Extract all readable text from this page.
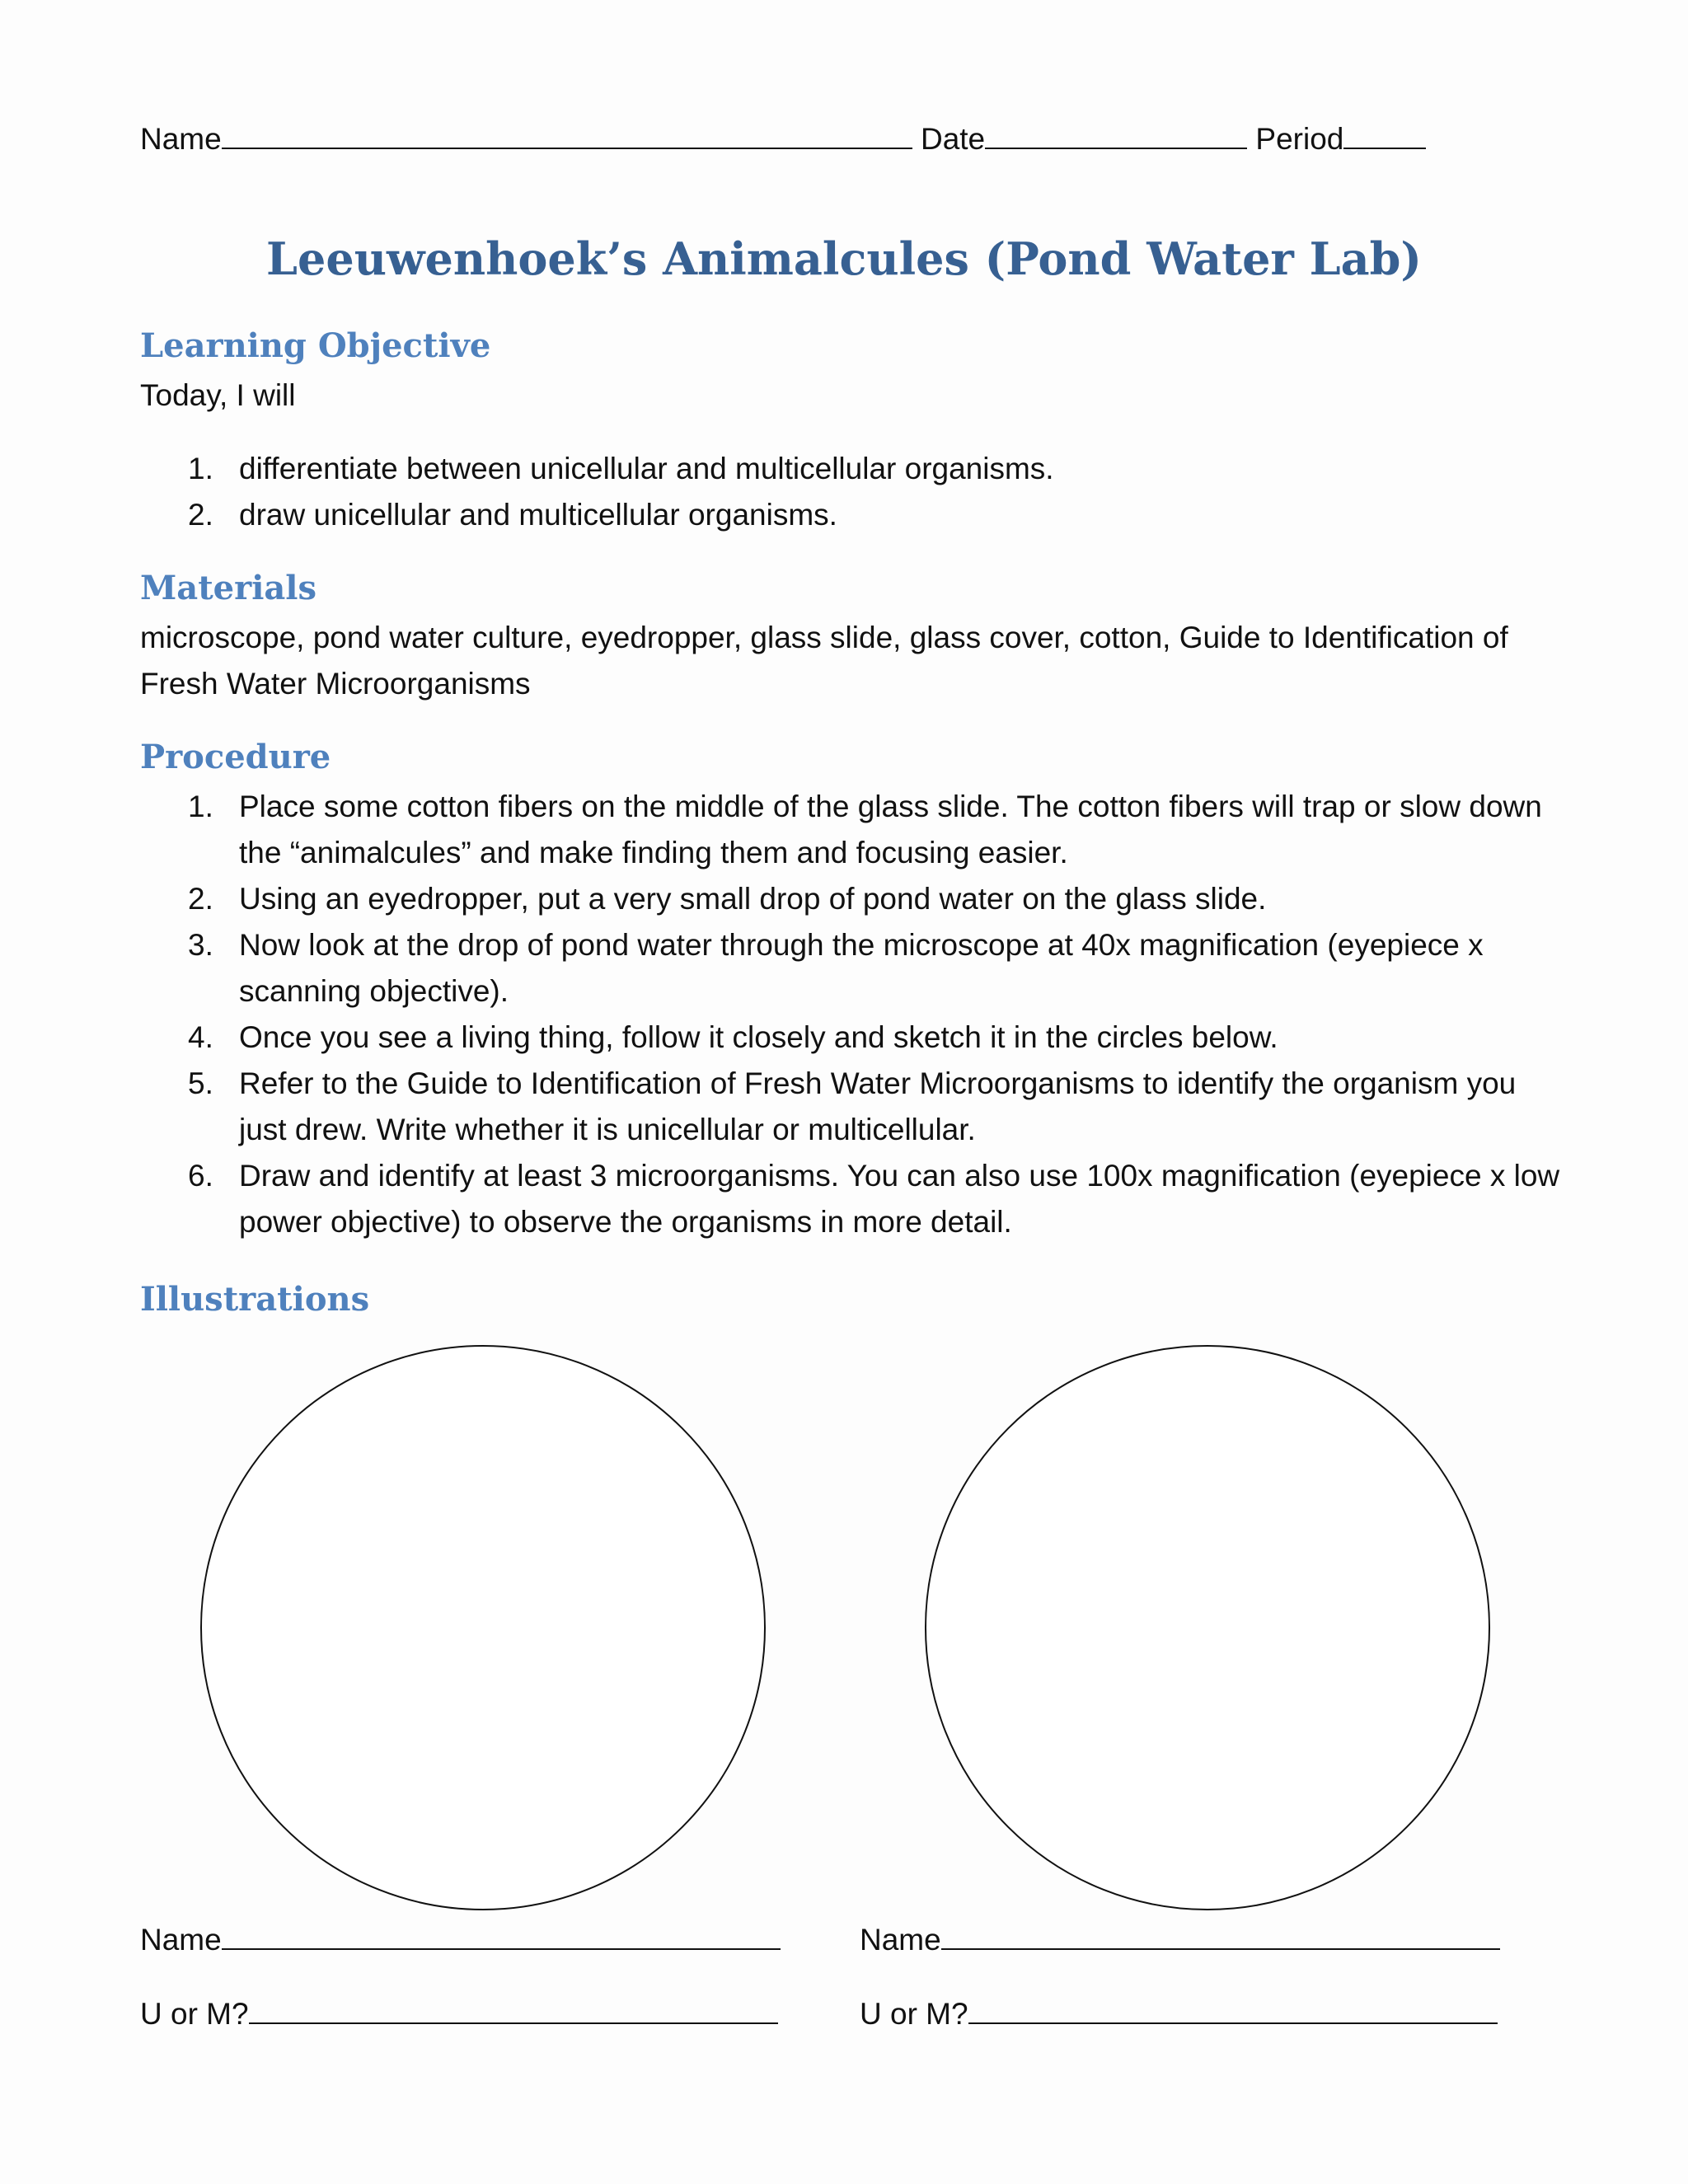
Name	Date	Period
Leeuwenhoek’s Animalcules (Pond Water Lab)
Learning Objective
Today, I will
1. differentiate between unicellular and multicellular organisms.
2. draw unicellular and multicellular organisms.
Materials
microscope, pond water culture, eyedropper, glass slide, glass cover, cotton, Guide to Identification of Fresh Water Microorganisms
Procedure
1. Place some cotton fibers on the middle of the glass slide. The cotton fibers will trap or slow down the “animalcules” and make finding them and focusing easier.
2. Using an eyedropper, put a very small drop of pond water on the glass slide.
3. Now look at the drop of pond water through the microscope at 40x magnification (eyepiece x scanning objective).
4. Once you see a living thing, follow it closely and sketch it in the circles below.
5. Refer to the Guide to Identification of Fresh Water Microorganisms to identify the organism you just drew. Write whether it is unicellular or multicellular.
6. Draw and identify at least 3 microorganisms. You can also use 100x magnification (eyepiece x low power objective) to observe the organisms in more detail.
Illustrations
Name
U or M?
Name
U or M?
